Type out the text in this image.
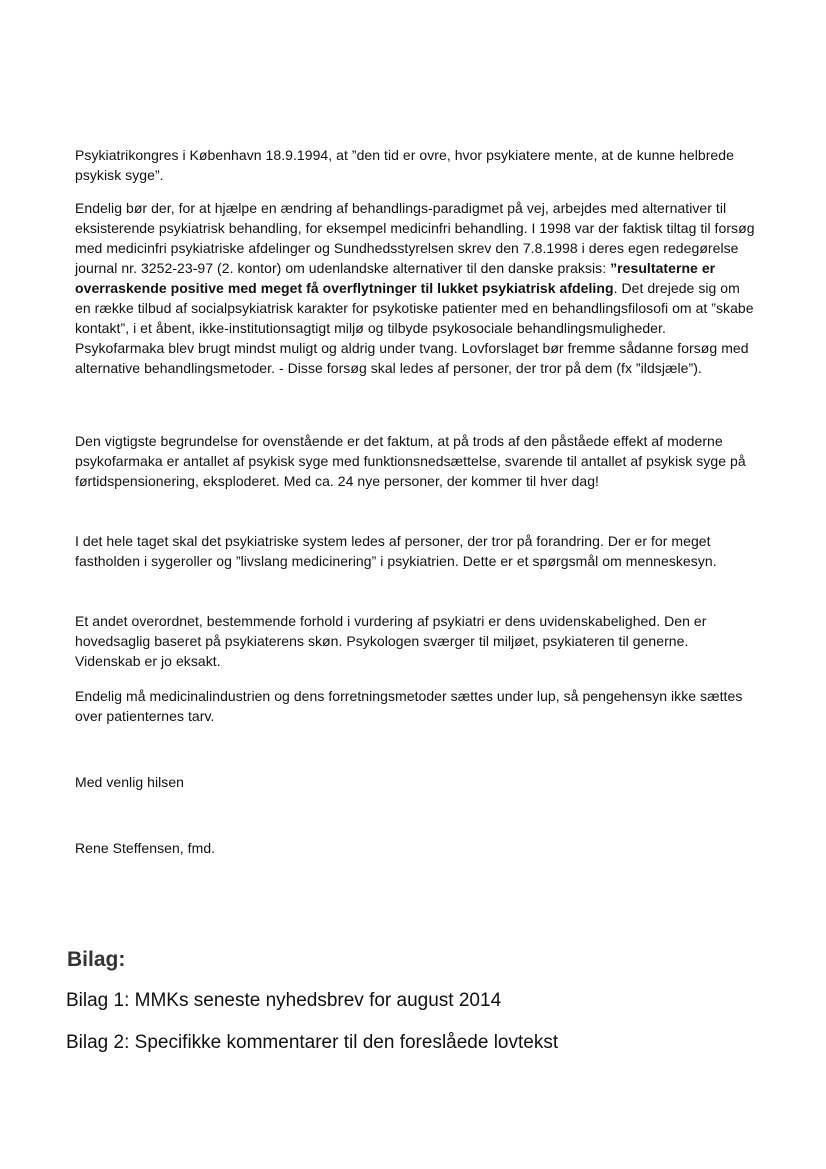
Psykiatrikongres i København 18.9.1994, at ”den tid er ovre, hvor psykiatere mente, at de kunne helbrede psykisk syge”.

Endelig bør der, for at hjælpe en ændring af behandlings-paradigmet på vej, arbejdes med alternativer til eksisterende psykiatrisk behandling, for eksempel medicinfri behandling. I 1998 var der faktisk tiltag til forsøg med medicinfri psykiatriske afdelinger og Sundhedsstyrelsen skrev den 7.8.1998 i deres egen redegørelse journal nr. 3252-23-97 (2. kontor) om udenlandske alternativer til den danske praksis: ”resultaterne er overraskende positive med meget få overflytninger til lukket psykiatrisk afdeling. Det drejede sig om en række tilbud af socialpsykiatrisk karakter for psykotiske patienter med en behandlingsfilosofi om at ”skabe kontakt”, i et åbent, ikke-institutionsagtigt miljø og tilbyde psykosociale behandlingsmuligheder. Psykofarmaka blev brugt mindst muligt og aldrig under tvang. Lovforslaget bør fremme sådanne forsøg med alternative behandlingsmetoder. - Disse forsøg skal ledes af personer, der tror på dem (fx ”ildsjæle”).

Den vigtigste begrundelse for ovenstående er det faktum, at på trods af den påståede effekt af moderne psykofarmaka er antallet af psykisk syge med funktionsnedsættelse, svarende til antallet af psykisk syge på førtidspensionering, eksploderet. Med ca. 24 nye personer, der kommer til hver dag!

I det hele taget skal det psykiatriske system ledes af personer, der tror på forandring. Der er for meget fastholden i sygeroller og ”livslang medicinering” i psykiatrien. Dette er et spørgsmål om menneskesyn.

Et andet overordnet, bestemmende forhold i vurdering af psykiatri er dens uvidenskabelighed. Den er hovedsaglig baseret på psykiaterens skøn. Psykologen sværger til miljøet, psykiateren til generne. Videnskab er jo eksakt.

Endelig må medicinalindustrien og dens forretningsmetoder sættes under lup, så pengehensyn ikke sættes over patienternes tarv.

Med venlig hilsen

Rene Steffensen, fmd.

Bilag:
Bilag 1: MMKs seneste nyhedsbrev for august 2014
Bilag 2: Specifikke kommentarer til den foreslåede lovtekst
